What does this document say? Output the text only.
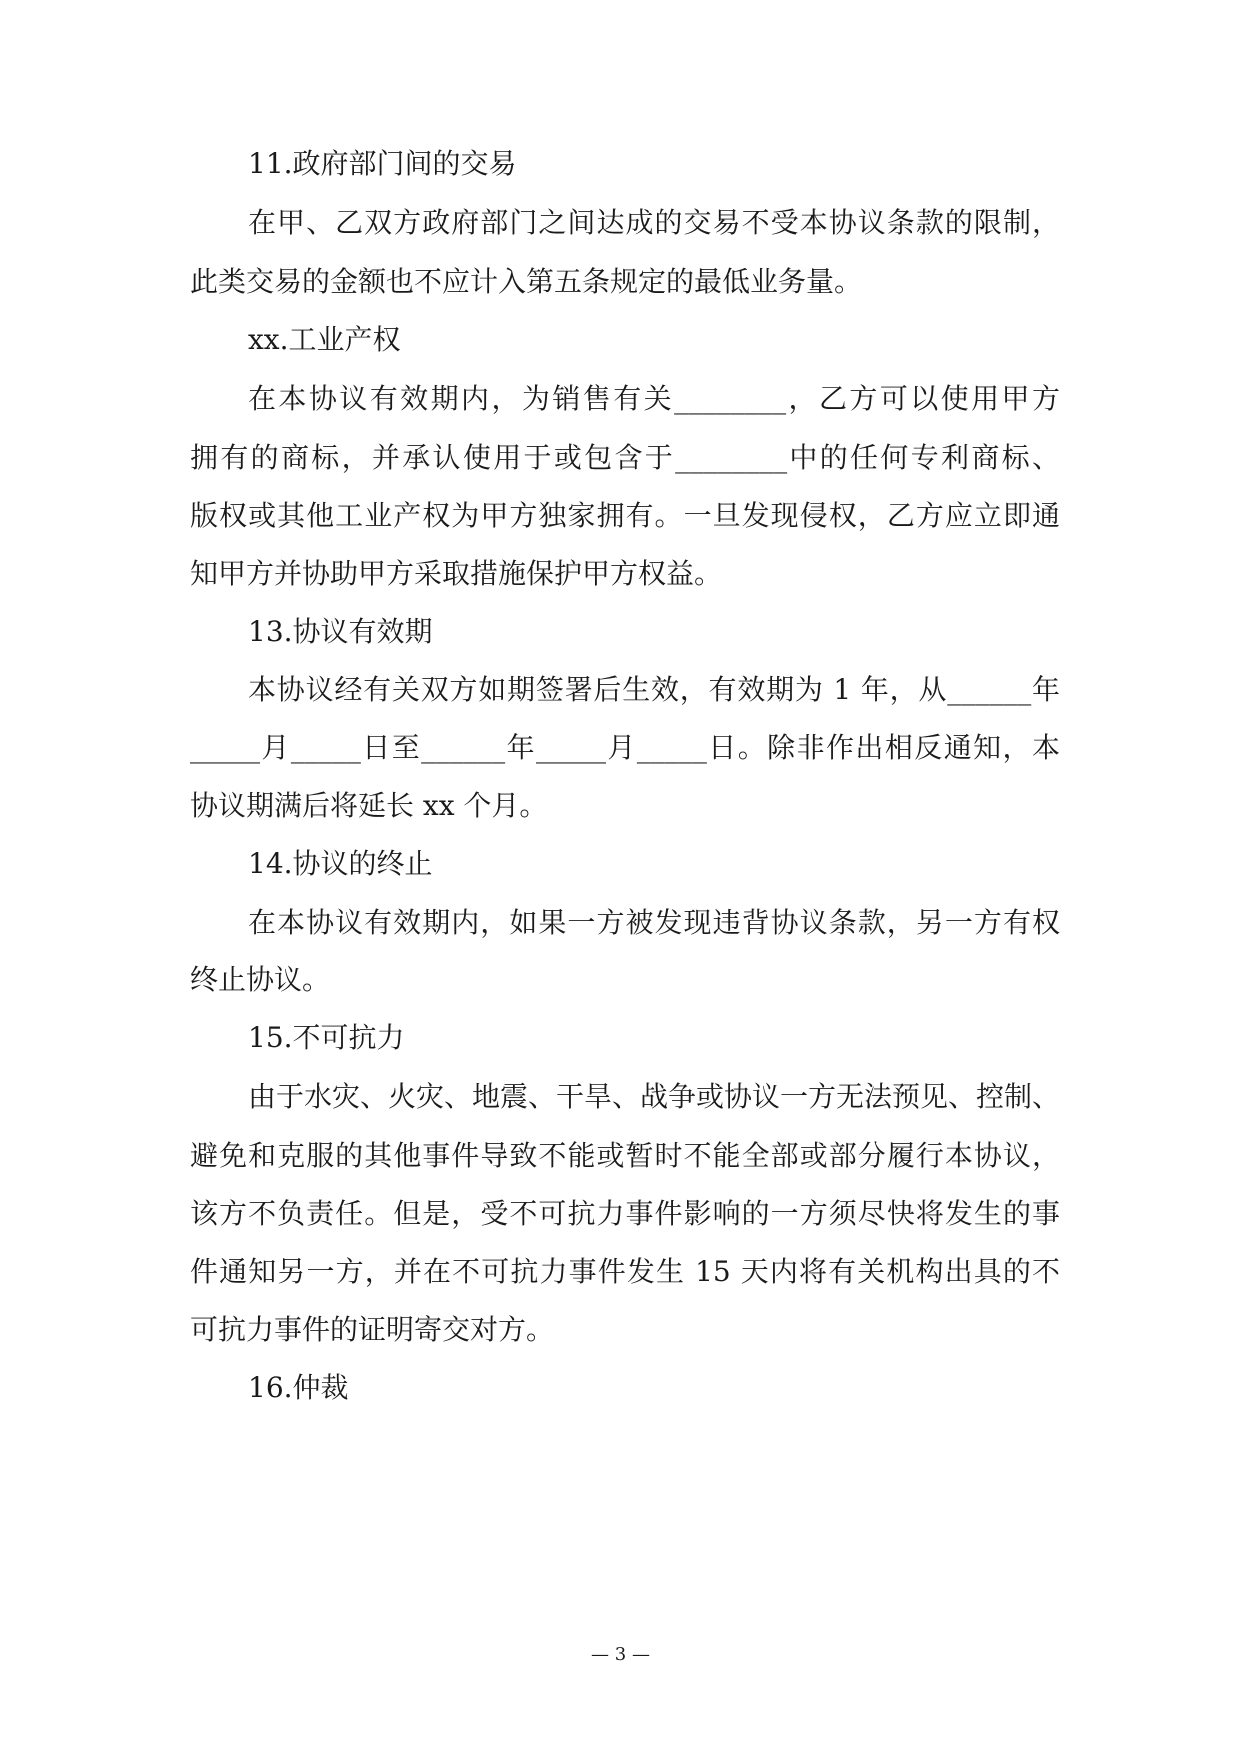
11.政府部门间的交易
在甲、乙双方政府部门之间达成的交易不受本协议条款的限制，
此类交易的金额也不应计入第五条规定的最低业务量。
xx.工业产权
在本协议有效期内，为销售有关________，乙方可以使用甲方
拥有的商标，并承认使用于或包含于________中的任何专利商标、
版权或其他工业产权为甲方独家拥有。一旦发现侵权，乙方应立即通
知甲方并协助甲方采取措施保护甲方权益。
13.协议有效期
本协议经有关双方如期签署后生效，有效期为 1 年，从______年
_____月_____日至______年_____月_____日。除非作出相反通知，本
协议期满后将延长 xx 个月。
14.协议的终止
在本协议有效期内，如果一方被发现违背协议条款，另一方有权
终止协议。
15.不可抗力
由于水灾、火灾、地震、干旱、战争或协议一方无法预见、控制、
避免和克服的其他事件导致不能或暂时不能全部或部分履行本协议，
该方不负责任。但是，受不可抗力事件影响的一方须尽快将发生的事
件通知另一方，并在不可抗力事件发生 15 天内将有关机构出具的不
可抗力事件的证明寄交对方。
16.仲裁
— 3 —
